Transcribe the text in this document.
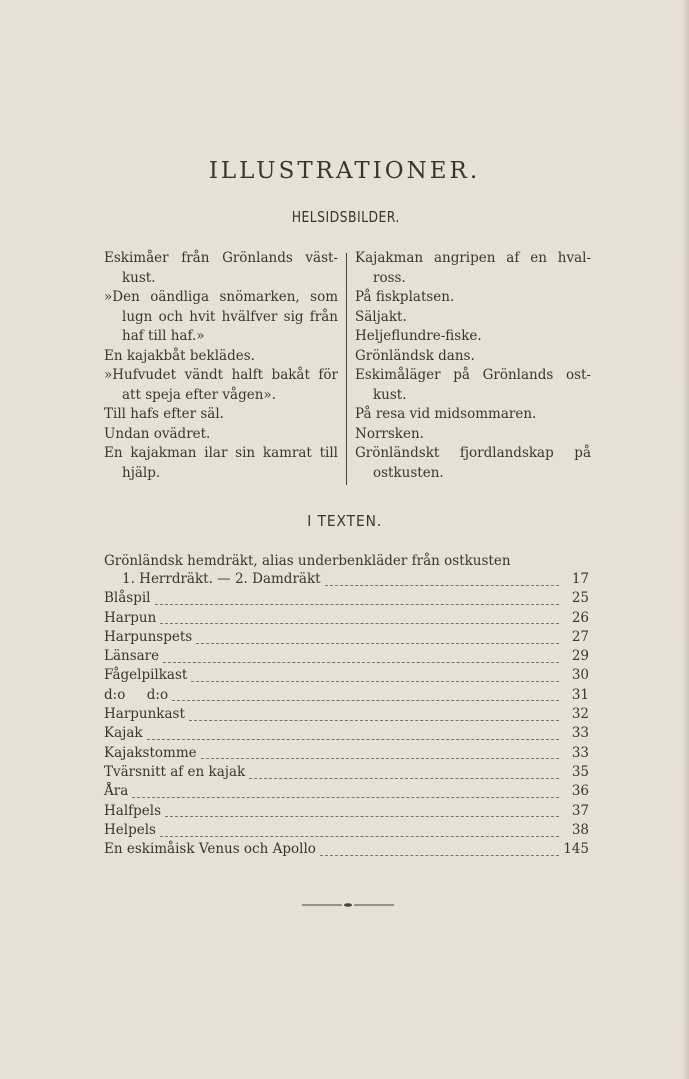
ILLUSTRATIONER.
HELSIDSBILDER.
Eskimåer från Grönlands väst-kust.
»Den oändliga snömarken, som lugn och hvit hvälfver sig från haf till haf.»
En kajakbåt beklädes.
»Hufvudet vändt halft bakåt för att speja efter vågen».
Till hafs efter säl.
Undan ovädret.
En kajakman ilar sin kamrat till hjälp.
Kajakman angripen af en hval-ross.
På fiskplatsen.
Säljakt.
Heljeflundre-fiske.
Grönländsk dans.
Eskimåläger på Grönlands ost-kust.
På resa vid midsommaren.
Norrsken.
Grönländskt fjordlandskap på ostkusten.
I TEXTEN.
Grönländsk hemdräkt, alias underbenkläder från ostkusten
1. Herrdräkt. — 2. Damdräkt	17
Blåspil	25
Harpun	26
Harpunspets	27
Länsare	29
Fågelpilkast	30
d:o     d:o	31
Harpunkast	32
Kajak	33
Kajakstomme	33
Tvärsnitt af en kajak	35
Åra	36
Halfpels	37
Helpels	38
En eskimåisk Venus och Apollo	145
